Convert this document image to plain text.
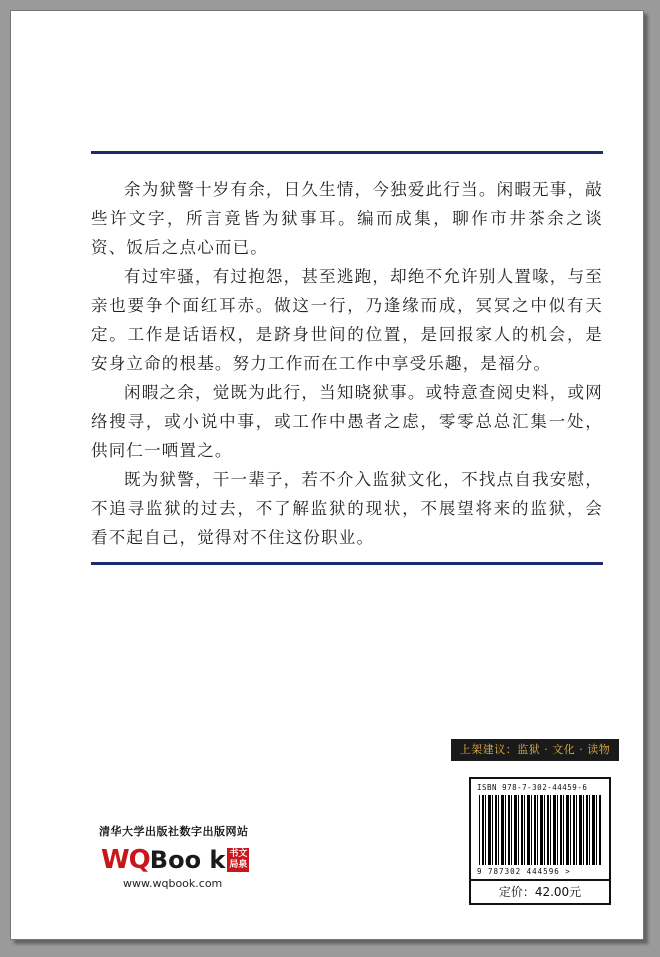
余为狱警十岁有余，日久生情，今独爱此行当。闲暇无事，敲些许文字，所言竟皆为狱事耳。编而成集，聊作市井茶余之谈资、饭后之点心而已。

有过牢骚，有过抱怨，甚至逃跑，却绝不允许别人置喙，与至亲也要争个面红耳赤。做这一行，乃逢缘而成，冥冥之中似有天定。工作是话语权，是跻身世间的位置，是回报家人的机会，是安身立命的根基。努力工作而在工作中享受乐趣，是福分。

闲暇之余，觉既为此行，当知晓狱事。或特意查阅史料，或网络搜寻，或小说中事，或工作中愚者之虑，零零总总汇集一处，供同仁一哂置之。

既为狱警，干一辈子，若不介入监狱文化，不找点自我安慰，不追寻监狱的过去，不了解监狱的现状，不展望将来的监狱，会看不起自己，觉得对不住这份职业。

上架建议：监狱 · 文化 · 读物
ISBN 978-7-302-44459-6
9 787302 444596 >
定价：42.00元
清华大学出版社数字出版网站
WQ Boo k 书文局泉
www.wqbook.com
